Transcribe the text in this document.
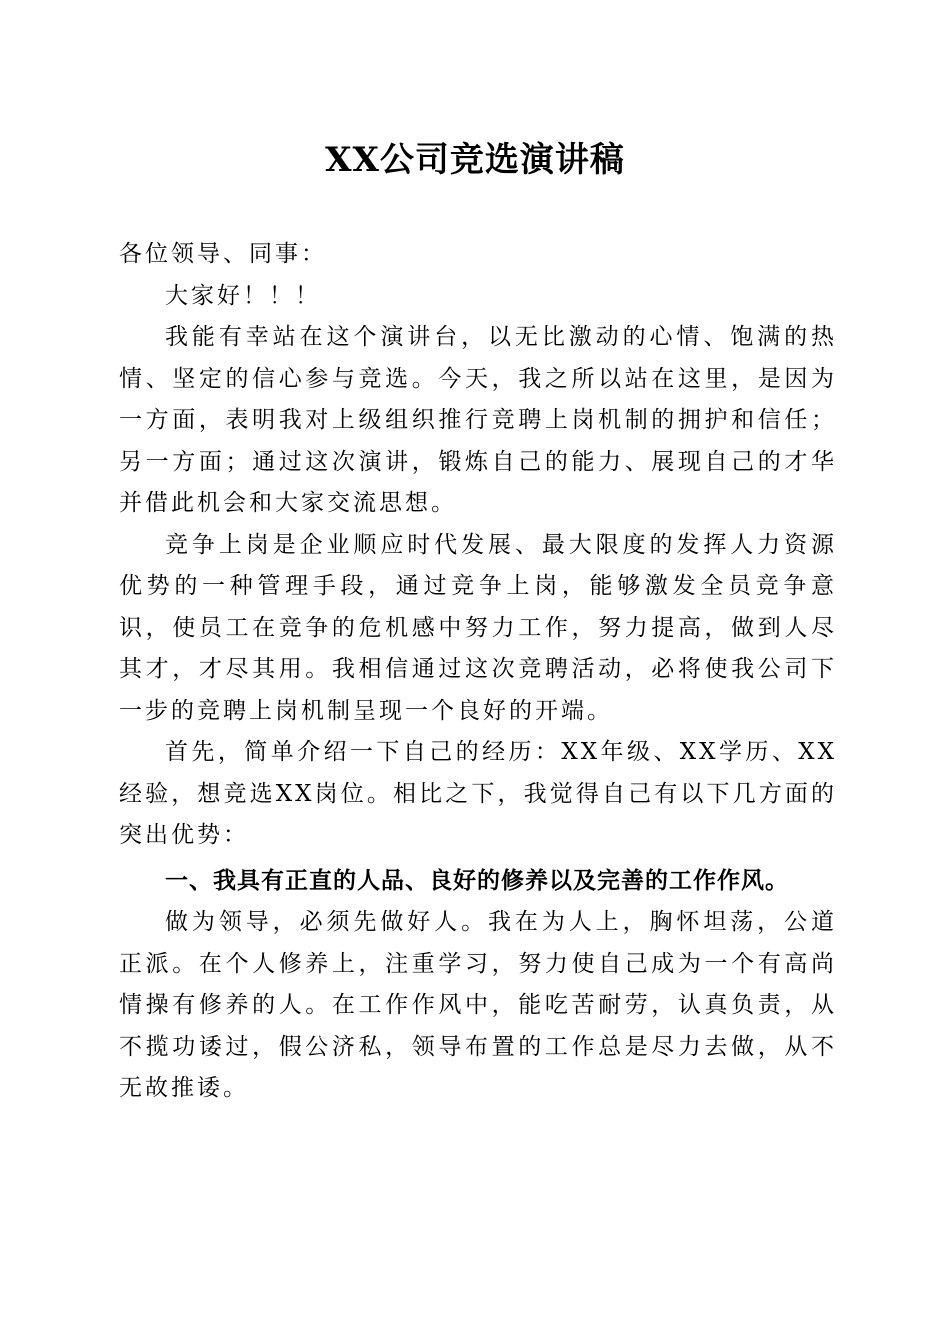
XX公司竞选演讲稿

各位领导、同事：

大家好！！！

我能有幸站在这个演讲台，以无比激动的心情、饱满的热情、坚定的信心参与竞选。今天，我之所以站在这里，是因为一方面，表明我对上级组织推行竞聘上岗机制的拥护和信任；另一方面；通过这次演讲，锻炼自己的能力、展现自己的才华并借此机会和大家交流思想。

竞争上岗是企业顺应时代发展、最大限度的发挥人力资源优势的一种管理手段，通过竞争上岗，能够激发全员竞争意识，使员工在竞争的危机感中努力工作，努力提高，做到人尽其才，才尽其用。我相信通过这次竞聘活动，必将使我公司下一步的竞聘上岗机制呈现一个良好的开端。

首先，简单介绍一下自己的经历：XX年级、XX学历、XX经验，想竞选XX岗位。相比之下，我觉得自己有以下几方面的突出优势：

一、我具有正直的人品、良好的修养以及完善的工作作风。

做为领导，必须先做好人。我在为人上，胸怀坦荡，公道正派。在个人修养上，注重学习，努力使自己成为一个有高尚情操有修养的人。在工作作风中，能吃苦耐劳，认真负责，从不揽功诿过，假公济私，领导布置的工作总是尽力去做，从不无故推诿。
